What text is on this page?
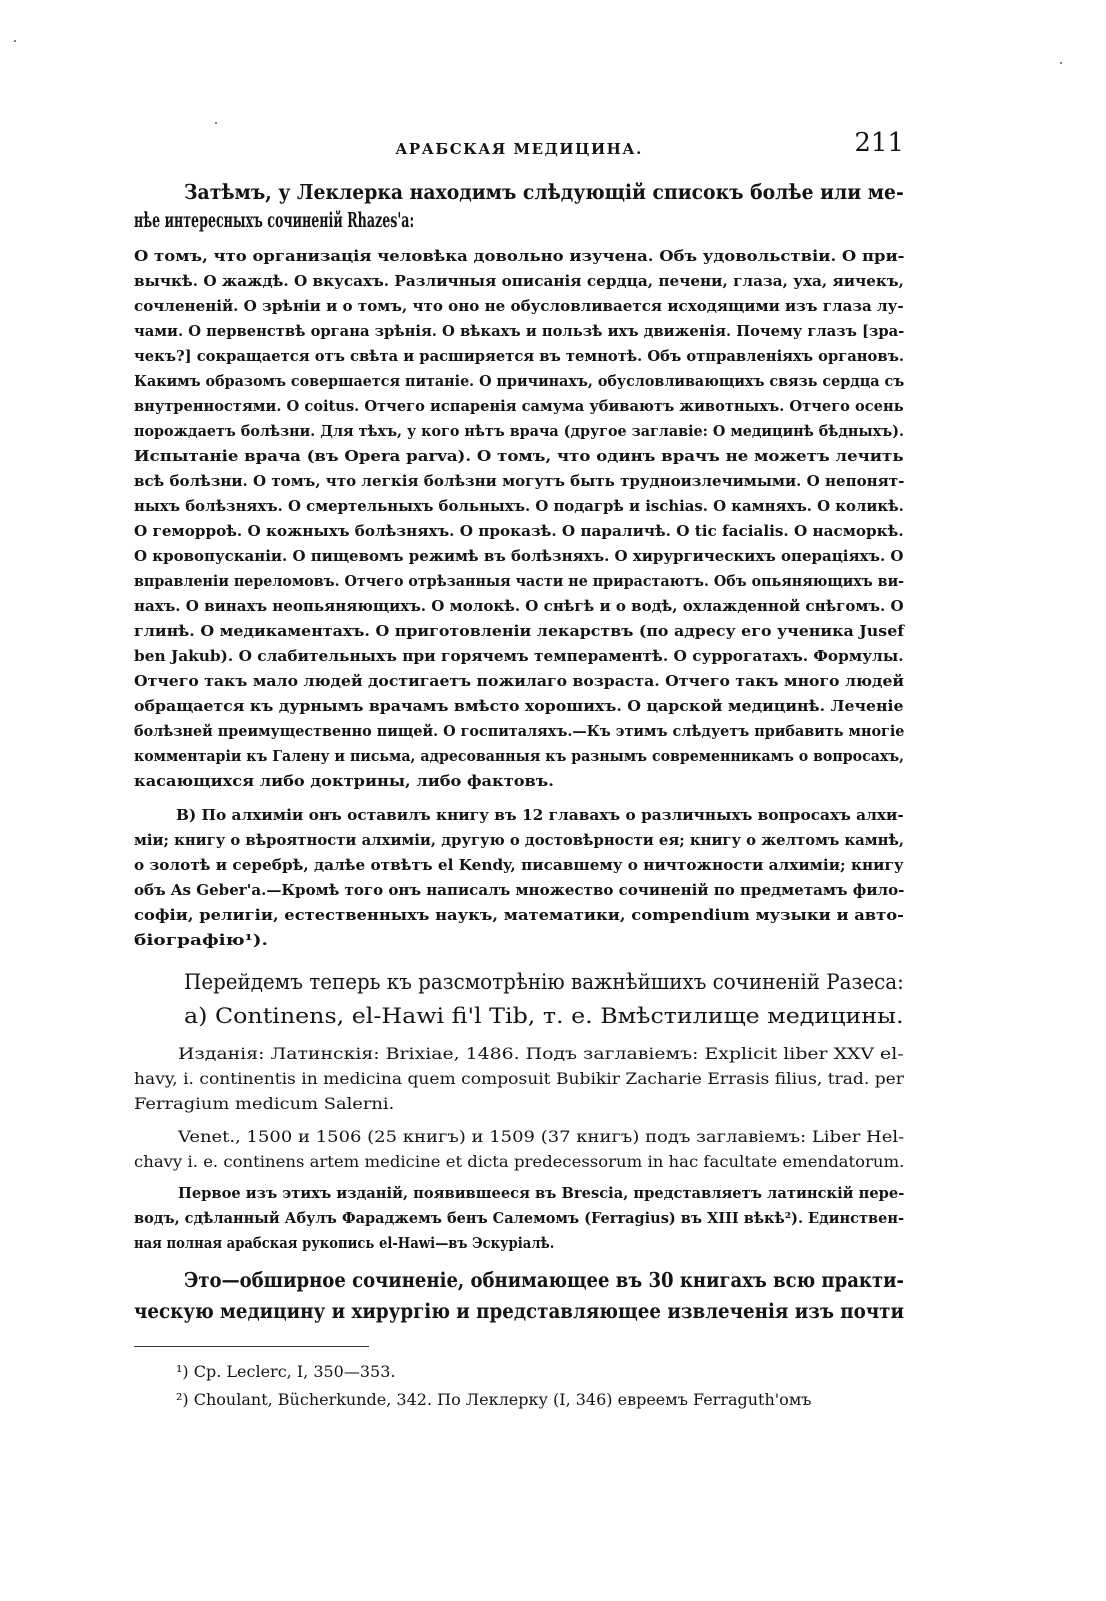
АРАБСКАЯ МЕДИЦИНА.	211
Затѣмъ, у Леклерка находимъ слѣдующій списокъ болѣе или ме-
нѣе интересныхъ сочиненій Rhazes'а:
О томъ, что организація человѣка довольно изучена. Объ удовольствіи. О при-
вычкѣ. О жаждѣ. О вкусахъ. Различныя описанія сердца, печени, глаза, уха, яичекъ,
сочлененій. О зрѣніи и о томъ, что оно не обусловливается исходящими изъ глаза лу-
чами. О первенствѣ органа зрѣнія. О вѣкахъ и пользѣ ихъ движенія. Почему глазъ [зра-
чекъ?] сокращается отъ свѣта и расширяется въ темнотѣ. Объ отправленіяхъ органовъ.
Какимъ образомъ совершается питаніе. О причинахъ, обусловливающихъ связь сердца съ
внутренностями. О coitus. Отчего испаренія самума убиваютъ животныхъ. Отчего осень
порождаетъ болѣзни. Для тѣхъ, у кого нѣтъ врача (другое заглавіе: О медицинѣ бѣдныхъ).
Испытаніе врача (въ Opera parva). О томъ, что одинъ врачъ не можетъ лечить
всѣ болѣзни. О томъ, что легкія болѣзни могутъ быть трудноизлечимыми. О непонят-
ныхъ болѣзняхъ. О смертельныхъ больныхъ. О подагрѣ и ischias. О камняхъ. О коликѣ.
О геморроѣ. О кожныхъ болѣзняхъ. О проказѣ. О параличѣ. О tic facialis. О насморкѣ.
О кровопусканіи. О пищевомъ режимѣ въ болѣзняхъ. О хирургическихъ операціяхъ. О
вправленіи переломовъ. Отчего отрѣзанныя части не прирастаютъ. Объ опьяняющихъ ви-
нахъ. О винахъ неопьяняющихъ. О молокѣ. О снѣгѣ и о водѣ, охлажденной снѣгомъ. О
глинѣ. О медикаментахъ. О приготовленіи лекарствъ (по адресу его ученика Jusef
ben Jakub). О слабительныхъ при горячемъ темпераментѣ. О суррогатахъ. Формулы.
Отчего такъ мало людей достигаетъ пожилаго возраста. Отчего такъ много людей
обращается къ дурнымъ врачамъ вмѣсто хорошихъ. О царской медицинѣ. Леченіе
болѣзней преимущественно пищей. О госпиталяхъ.—Къ этимъ слѣдуетъ прибавить многіе
комментаріи къ Галену и письма, адресованныя къ разнымъ современникамъ о вопросахъ,
касающихся либо доктрины, либо фактовъ.
B) По алхиміи онъ оставилъ книгу въ 12 главахъ о различныхъ вопросахъ алхи-
міи; книгу о вѣроятности алхиміи, другую о достовѣрности ея; книгу о желтомъ камнѣ,
о золотѣ и серебрѣ, далѣе отвѣтъ el Kendy, писавшему о ничтожности алхиміи; книгу
объ As Geber'а.—Кромѣ того онъ написалъ множество сочиненій по предметамъ фило-
софіи, религіи, естественныхъ наукъ, математики, compendium музыки и авто-
біографію¹).
Перейдемъ теперь къ разсмотрѣнію важнѣйшихъ сочиненій Разеса:
a) Continens, el-Hawi fi'l Tib, т. е. Вмѣстилище медицины.
Изданія: Латинскія: Brixiae, 1486. Подъ заглавіемъ: Explicit liber XXV el-
havy, i. continentis in medicina quem composuit Bubikir Zacharie Errasis filius, trad. per
Ferragium medicum Salerni.
Venet., 1500 и 1506 (25 книгъ) и 1509 (37 книгъ) подъ заглавіемъ: Liber Hel-
chavy i. e. continens artem medicine et dicta predecessorum in hac facultate emendatorum.
Первое изъ этихъ изданій, появившееся въ Brescia, представляетъ латинскій пере-
водъ, сдѣланный Абулъ Фараджемъ бенъ Салемомъ (Ferragius) въ XIII вѣкѣ²). Единствен-
ная полная арабская рукопись el-Hawi—въ Эскуріалѣ.
Это—обширное сочиненіе, обнимающее въ 30 книгахъ всю практи-
ческую медицину и хирургію и представляющее извлеченія изъ почти
¹) Cp. Leclerc, I, 350—353.
²) Choulant, Bücherkunde, 342. По Леклерку (I, 346) евреемъ Ferraguth'омъ
